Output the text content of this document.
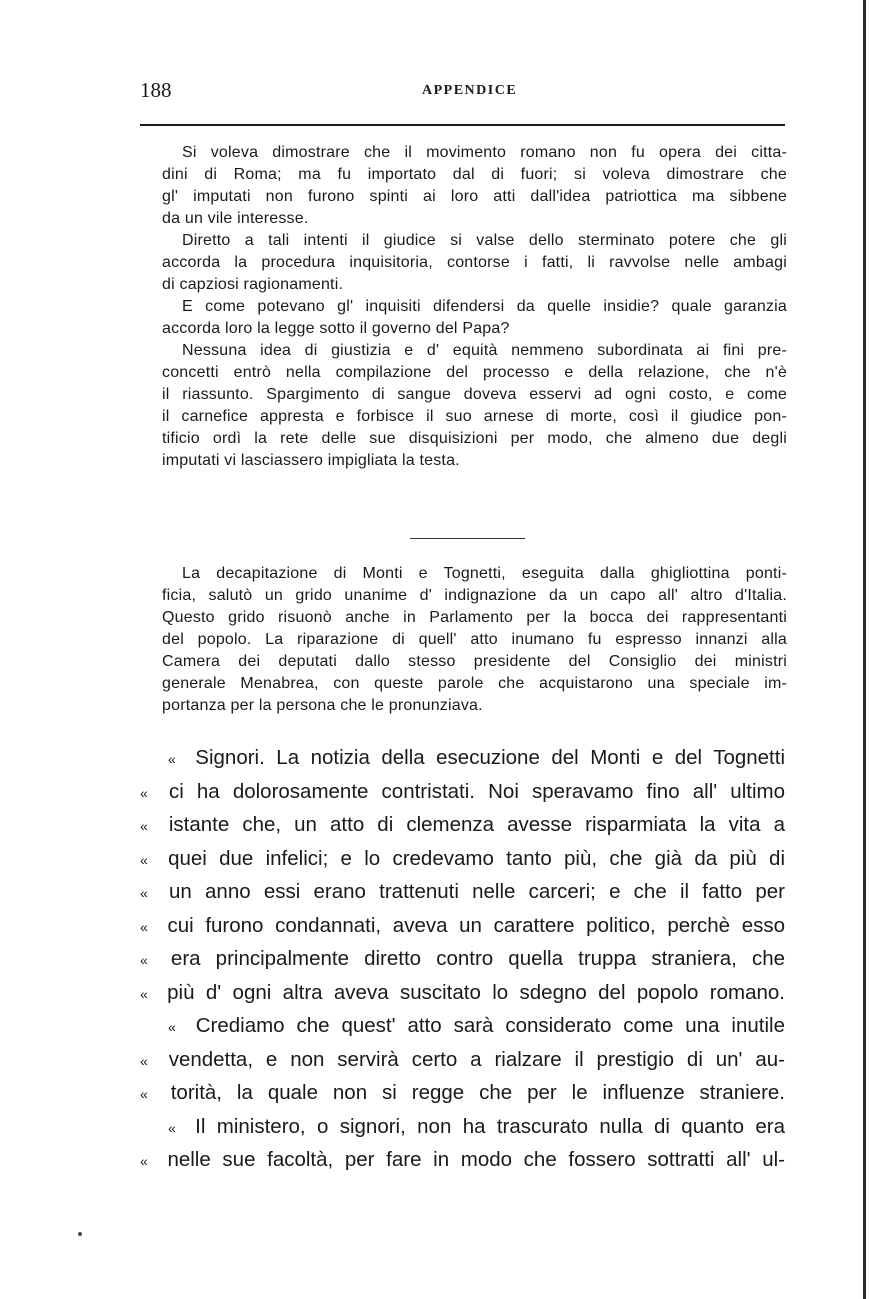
188	APPENDICE

Si voleva dimostrare che il movimento romano non fu opera dei citta-
dini di Roma; ma fu importato dal di fuori; si voleva dimostrare che
gl' imputati non furono spinti ai loro atti dall'idea patriottica ma sibbene
da un vile interesse.

Diretto a tali intenti il giudice si valse dello sterminato potere che gli
accorda la procedura inquisitoria, contorse i fatti, li ravvolse nelle ambagi
di capziosi ragionamenti.

E come potevano gl' inquisiti difendersi da quelle insidie? quale garanzia
accorda loro la legge sotto il governo del Papa?

Nessuna idea di giustizia e d' equità nemmeno subordinata ai fini pre-
concetti entrò nella compilazione del processo e della relazione, che n'è
il riassunto. Spargimento di sangue doveva esservi ad ogni costo, e come
il carnefice appresta e forbisce il suo arnese di morte, così il giudice pon-
tificio ordì la rete delle sue disquisizioni per modo, che almeno due degli
imputati vi lasciassero impigliata la testa.

La decapitazione di Monti e Tognetti, eseguita dalla ghigliottina ponti-
ficia, salutò un grido unanime d' indignazione da un capo all' altro d'Italia.
Questo grido risuonò anche in Parlamento per la bocca dei rappresentanti
del popolo. La riparazione di quell' atto inumano fu espresso innanzi alla
Camera dei deputati dallo stesso presidente del Consiglio dei ministri
generale Menabrea, con queste parole che acquistarono una speciale im-
portanza per la persona che le pronunziava.

« Signori. La notizia della esecuzione del Monti e del Tognetti
« ci ha dolorosamente contristati. Noi speravamo fino all' ultimo
« istante che, un atto di clemenza avesse risparmiata la vita a
« quei due infelici; e lo credevamo tanto più, che già da più di
« un anno essi erano trattenuti nelle carceri; e che il fatto per
« cui furono condannati, aveva un carattere politico, perchè esso
« era principalmente diretto contro quella truppa straniera, che
« più d' ogni altra aveva suscitato lo sdegno del popolo romano.
« Crediamo che quest' atto sarà considerato come una inutile
« vendetta, e non servirà certo a rialzare il prestigio di un' au-
« torità, la quale non si regge che per le influenze straniere.
« Il ministero, o signori, non ha trascurato nulla di quanto era
« nelle sue facoltà, per fare in modo che fossero sottratti all' ul-
